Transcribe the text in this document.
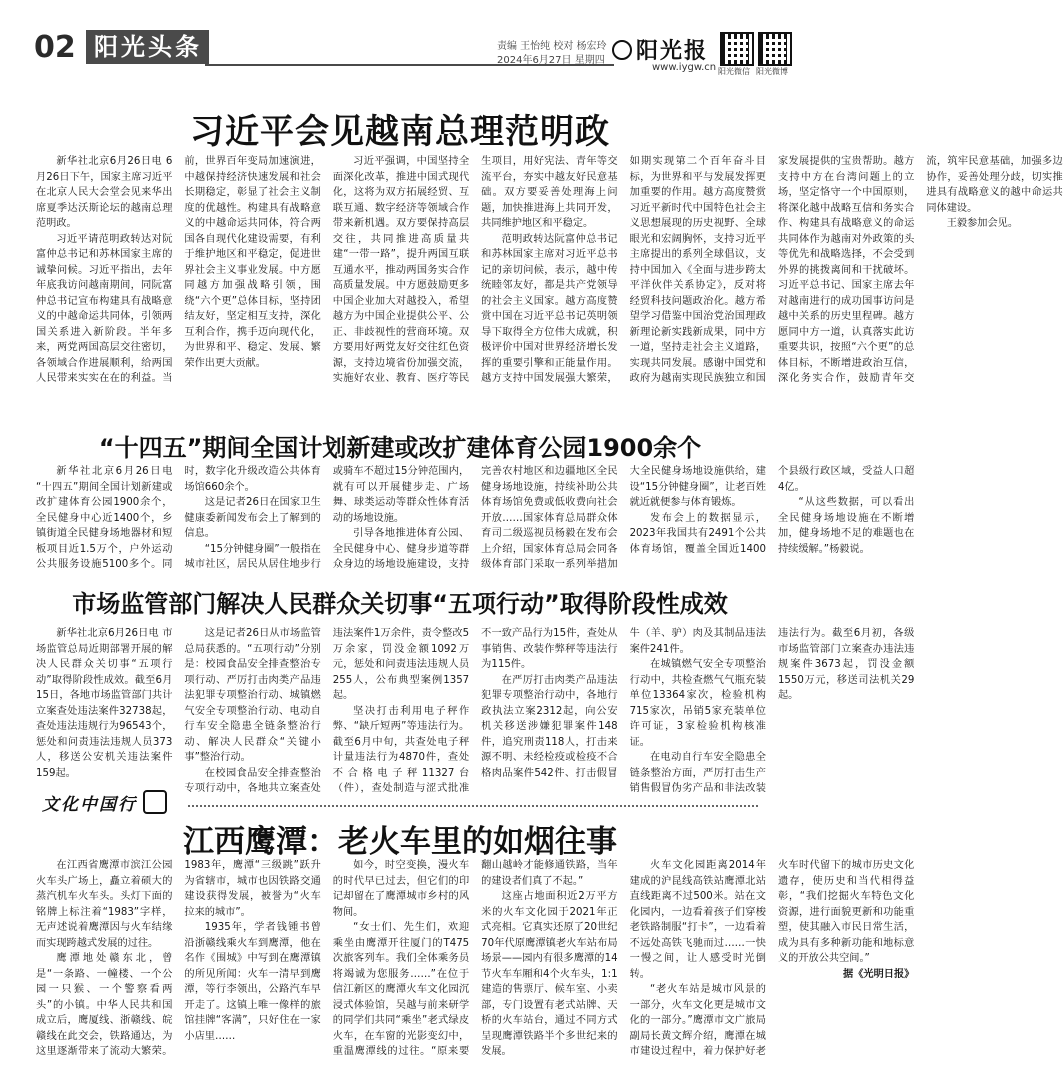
02 阳光头条	责编 王怡纯 校对 杨宏玲
2024年6月27日 星期四	阳光报
www.iygw.cn 阳光微信 阳光微博
习近平会见越南总理范明政

新华社北京6月26日电 6月26日下午，国家主席习近平在北京人民大会堂会见来华出席夏季达沃斯论坛的越南总理范明政。

习近平请范明政转达对阮富仲总书记和苏林国家主席的诚挚问候。习近平指出，去年年底我访问越南期间，同阮富仲总书记宣布构建具有战略意义的中越命运共同体，引领两国关系进入新阶段。半年多来，两党两国高层交往密切，各领域合作进展顺利，给两国人民带来实实在在的利益。当前，世界百年变局加速演进，中越保持经济快速发展和社会长期稳定，彰显了社会主义制度的优越性。构建具有战略意义的中越命运共同体，符合两国各自现代化建设需要，有利于维护地区和平稳定，促进世界社会主义事业发展。中方愿同越方加强战略引领，围绕“六个更”总体目标，坚持团结友好，坚定相互支持，深化互利合作，携手迈向现代化，为世界和平、稳定、发展、繁荣作出更大贡献。

习近平强调，中国坚持全面深化改革，推进中国式现代化，这将为双方拓展经贸、互联互通、数字经济等领域合作带来新机遇。双方要保持高层交往，共同推进高质量共建“一带一路”，提升两国互联互通水平，推动两国务实合作高质量发展。中方愿鼓励更多中国企业加大对越投入，希望越方为中国企业提供公平、公正、非歧视性的营商环境。双方要用好两党友好交往红色资源，支持边境省份加强交流，实施好农业、教育、医疗等民生项目，用好宪法、青年等交流平台，夯实中越友好民意基础。双方要妥善处理海上问题，加快推进海上共同开发，共同维护地区和平稳定。

范明政转达阮富仲总书记和苏林国家主席对习近平总书记的亲切问候，表示，越中传统睦邻友好，都是共产党领导的社会主义国家。越方高度赞赏中国在习近平总书记英明领导下取得全方位伟大成就，积极评价中国对世界经济增长发挥的重要引擎和正能量作用。越方支持中国发展强大繁荣，如期实现第二个百年奋斗目标，为世界和平与发展发挥更加重要的作用。越方高度赞赏习近平新时代中国特色社会主义思想展现的历史视野、全球眼光和宏阔胸怀，支持习近平主席提出的系列全球倡议，支持中国加入《全面与进步跨太平洋伙伴关系协定》，反对将经贸科技问题政治化。越方希望学习借鉴中国治党治国理政新理论新实践新成果，同中方一道，坚持走社会主义道路，实现共同发展。感谢中国党和政府为越南实现民族独立和国家发展提供的宝贵帮助。越方支持中方在台湾问题上的立场，坚定恪守一个中国原则，将深化越中战略互信和务实合作、构建具有战略意义的命运共同体作为越南对外政策的头等优先和战略选择，不会受到外界的挑拨离间和干扰破坏。习近平总书记、国家主席去年对越南进行的成功国事访问是越中关系的历史里程碑。越方愿同中方一道，认真落实此访重要共识，按照“六个更”的总体目标，不断增进政治互信，深化务实合作，鼓励青年交流，筑牢民意基础，加强多边协作，妥善处理分歧，切实推进具有战略意义的越中命运共同体建设。

王毅参加会见。

“十四五”期间全国计划新建或改扩建体育公园1900余个

新华社北京6月26日电 “十四五”期间全国计划新建或改扩建体育公园1900余个，全民健身中心近1400个，乡镇街道全民健身场地器材和短板项目近1.5万个，户外运动公共服务设施5100多个。同时，数字化升级改造公共体育场馆660余个。

这是记者26日在国家卫生健康委新闻发布会上了解到的信息。

“15分钟健身圈”一般指在城市社区，居民从居住地步行或骑车不超过15分钟范围内，就有可以开展健步走、广场舞、球类运动等群众性体育活动的场地设施。

引导各地推进体育公园、全民健身中心、健身步道等群众身边的场地设施建设，支持完善农村地区和边疆地区全民健身场地设施，持续补助公共体育场馆免费或低收费向社会开放……国家体育总局群众体育司二级巡视员杨毅在发布会上介绍，国家体育总局会同各级体育部门采取一系列举措加大全民健身场地设施供给，建设“15分钟健身圈”，让老百姓就近就便参与体育锻炼。

发布会上的数据显示，2023年我国共有2491个公共体育场馆，覆盖全国近1400个县级行政区域，受益人口超4亿。

“从这些数据，可以看出全民健身场地设施在不断增加，健身场地不足的难题也在持续缓解。”杨毅说。

市场监管部门解决人民群众关切事“五项行动”取得阶段性成效

新华社北京6月26日电 市场监管总局近期部署开展的解决人民群众关切事“五项行动”取得阶段性成效。截至6月15日，各地市场监管部门共计立案查处违法案件32738起，查处违法违规行为96543个，惩处和问责违法违规人员373人，移送公安机关违法案件159起。

这是记者26日从市场监管总局获悉的。“五项行动”分别是：校园食品安全排查整治专项行动、严厉打击肉类产品违法犯罪专项整治行动、城镇燃气安全专项整治行动、电动自行车安全隐患全链条整治行动、解决人民群众“关键小事”整治行动。

在校园食品安全排查整治专项行动中，各地共立案查处违法案件1万余件，责令整改5万余家，罚没金额1092万元，惩处和问责违法违规人员255人，公布典型案例1357起。

坚决打击利用电子秤作弊、“缺斤短两”等违法行为。截至6月中旬，共查处电子秤计量违法行为4870件，查处不合格电子秤11327台（件），查处制造与涩式批准不一致产品行为15件，查处从事销售、改装作弊秤等违法行为115件。

在严厉打击肉类产品违法犯罪专项整治行动中，各地行政执法立案2312起，向公安机关移送涉嫌犯罪案件148件，追究刑责118人，打击来源不明、未经检疫或检疫不合格肉品案件542件、打击假冒牛（羊、驴）肉及其制品违法案件241件。

在城镇燃气安全专项整治行动中，共检查燃气气瓶充装单位13364家次，检验机构715家次，吊销5家充装单位许可证，3家检验机构核准证。

在电动自行车安全隐患全链条整治方面，严厉打击生产销售假冒伪劣产品和非法改装违法行为。截至6月初，各级市场监管部门立案查办违法违规案件3673起，罚没金额1550万元，移送司法机关29起。

文化中国行
江西鹰潭：老火车里的如烟往事

在江西省鹰潭市滨江公园火车头广场上，矗立着硕大的蒸汽机车火车头。头灯下面的铭牌上标注着“1983”字样，无声述说着鹰潭因与火车结缘而实现跨越式发展的过往。

鹰潭地处赣东北，曾是“一条路、一幢楼、一个公园一只猴、一个警察看两头”的小镇。中华人民共和国成立后，鹰厦线、浙赣线、皖赣线在此交会，铁路通达，为这里逐渐带来了流动大繁荣。1983年，鹰潭“三级跳”跃升为省辖市，城市也因铁路交通建设获得发展，被誉为“火车拉来的城市”。

1935年，学者钱锺书曾沿浙赣线乘火车到鹰潭，他在名作《围城》中写到在鹰潭镇的所见所闻：火车一清早到鹰潭，等行李领出，公路汽车早开走了。这镇上唯一像样的旅馆挂牌“客满”，只好住在一家小店里……

如今，时空变换，漫火车的时代早已过去，但它们的印记却留在了鹰潭城市乡村的风物间。

“女士们、先生们，欢迎乘坐由鹰潭开往厦门的T475次旅客列车。我们全体乘务员将竭诚为您服务……”在位于信江新区的鹰潭火车文化园沉浸式体验馆，吴越与前来研学的同学们共同“乘坐”老式绿皮火车，在车窗的光影变幻中，重温鹰潭线的过往。“原来要翻山越岭才能修通铁路，当年的建设者们真了不起。”

这座占地面积近2万平方米的火车文化园于2021年正式亮相。它真实还原了20世纪70年代原鹰潭镇老火车站布局场景——园内有很多鹰潭的14节火车车厢和4个火车头，1:1建造的售票厅、候车室、小卖部，专门设置有老式站牌、天桥的火车站台，通过不同方式呈现鹰潭铁路半个多世纪来的发展。

火车文化园距离2014年建成的沪昆线高铁站鹰潭北站直线距离不过500米。站在文化园内，一边看着孩子们穿梭老铁路制服“打卡”，一边看着不远处高铁飞驰而过……一快一慢之间，让人感受时光倒转。

“老火车站是城市风景的一部分，火车文化更是城市文化的一部分。”鹰潭市文广旅局副局长黄文辉介绍，鹰潭在城市建设过程中，着力保护好老火车时代留下的城市历史文化遗存，使历史和当代相得益彰，“我们挖掘火车特色文化资源，进行面貌更新和功能重塑，使其融入市民日常生活，成为具有多种新功能和地标意义的开放公共空间。”

据《光明日报》
